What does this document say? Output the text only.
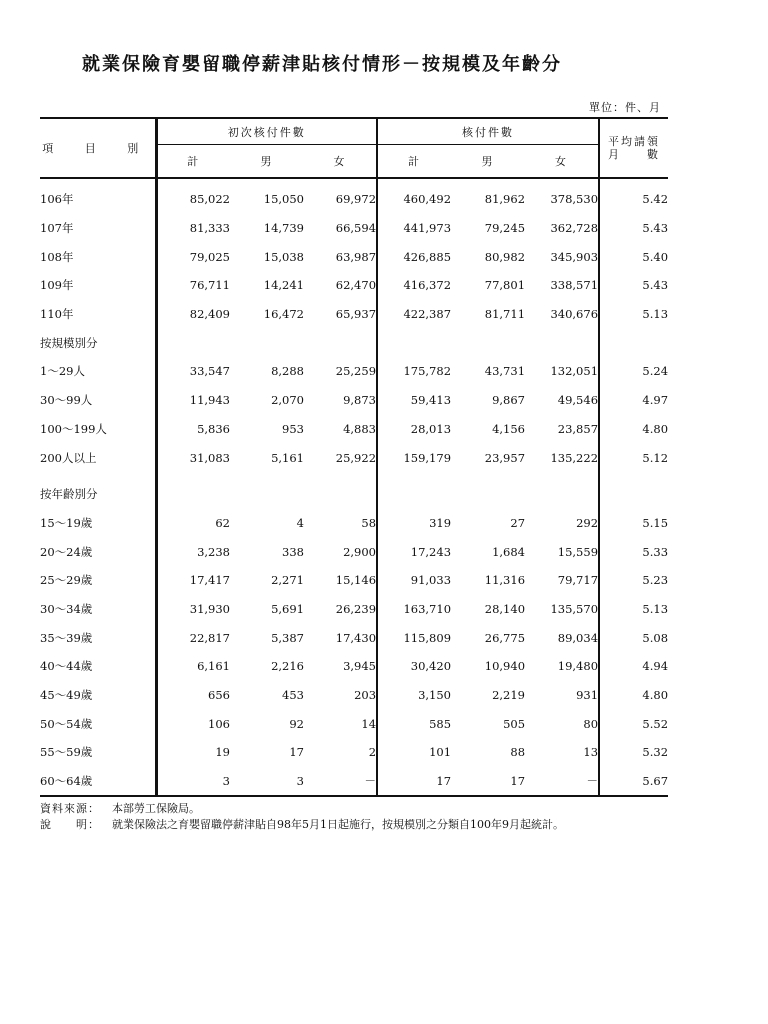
就業保險育嬰留職停薪津貼核付情形－按規模及年齡分
單位：件、月
項 目 別	初次核付件數			核付件數			平均請領
月　　數

	計	男	女	計	男	女	
106年	85,022	15,050	69,972	460,492	81,962	378,530	5.42
107年	81,333	14,739	66,594	441,973	79,245	362,728	5.43
108年	79,025	15,038	63,987	426,885	80,982	345,903	5.40
109年	76,711	14,241	62,470	416,372	77,801	338,571	5.43
110年	82,409	16,472	65,937	422,387	81,711	340,676	5.13
按規模別分							
1～29人	33,547	8,288	25,259	175,782	43,731	132,051	5.24
30～99人	11,943	2,070	9,873	59,413	9,867	49,546	4.97
100～199人	5,836	953	4,883	28,013	4,156	23,857	4.80
200人以上	31,083	5,161	25,922	159,179	23,957	135,222	5.12

按年齡別分							
15～19歲	62	4	58	319	27	292	5.15
20～24歲	3,238	338	2,900	17,243	1,684	15,559	5.33
25～29歲	17,417	2,271	15,146	91,033	11,316	79,717	5.23
30～34歲	31,930	5,691	26,239	163,710	28,140	135,570	5.13
35～39歲	22,817	5,387	17,430	115,809	26,775	89,034	5.08
40～44歲	6,161	2,216	3,945	30,420	10,940	19,480	4.94
45～49歲	656	453	203	3,150	2,219	931	4.80
50～54歲	106	92	14	585	505	80	5.52
55～59歲	19	17	2	101	88	13	5.32
60～64歲	3	3	－	17	17	－	5.67
資料來源：	本部勞工保險局。
說　　明：	就業保險法之育嬰留職停薪津貼自98年5月1日起施行，按規模別之分類自100年9月起統計。
